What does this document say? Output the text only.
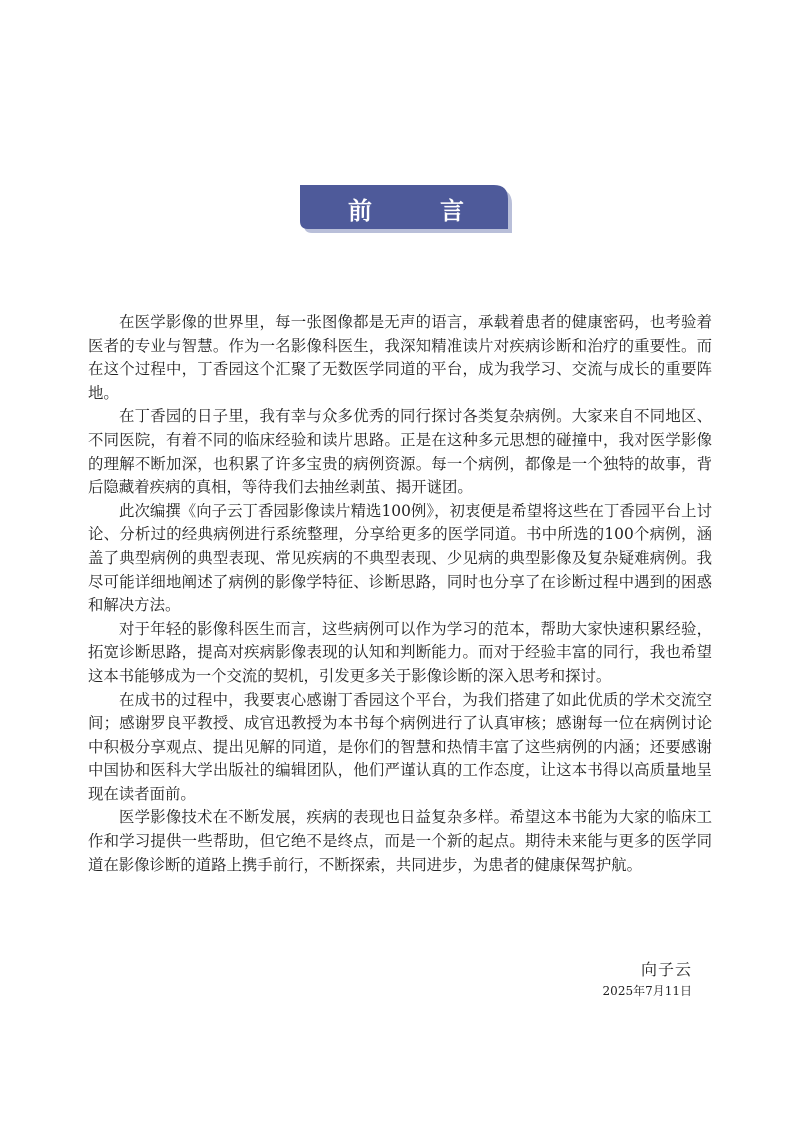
前　言

在医学影像的世界里，每一张图像都是无声的语言，承载着患者的健康密码，也考验着医者的专业与智慧。作为一名影像科医生，我深知精准读片对疾病诊断和治疗的重要性。而在这个过程中，丁香园这个汇聚了无数医学同道的平台，成为我学习、交流与成长的重要阵地。

在丁香园的日子里，我有幸与众多优秀的同行探讨各类复杂病例。大家来自不同地区、不同医院，有着不同的临床经验和读片思路。正是在这种多元思想的碰撞中，我对医学影像的理解不断加深，也积累了许多宝贵的病例资源。每一个病例，都像是一个独特的故事，背后隐藏着疾病的真相，等待我们去抽丝剥茧、揭开谜团。

此次编撰《向子云丁香园影像读片精选100例》，初衷便是希望将这些在丁香园平台上讨论、分析过的经典病例进行系统整理，分享给更多的医学同道。书中所选的100个病例，涵盖了典型病例的典型表现、常见疾病的不典型表现、少见病的典型影像及复杂疑难病例。我尽可能详细地阐述了病例的影像学特征、诊断思路，同时也分享了在诊断过程中遇到的困惑和解决方法。

对于年轻的影像科医生而言，这些病例可以作为学习的范本，帮助大家快速积累经验，拓宽诊断思路，提高对疾病影像表现的认知和判断能力。而对于经验丰富的同行，我也希望这本书能够成为一个交流的契机，引发更多关于影像诊断的深入思考和探讨。

在成书的过程中，我要衷心感谢丁香园这个平台，为我们搭建了如此优质的学术交流空间；感谢罗良平教授、成官迅教授为本书每个病例进行了认真审核；感谢每一位在病例讨论中积极分享观点、提出见解的同道，是你们的智慧和热情丰富了这些病例的内涵；还要感谢中国协和医科大学出版社的编辑团队，他们严谨认真的工作态度，让这本书得以高质量地呈现在读者面前。

医学影像技术在不断发展，疾病的表现也日益复杂多样。希望这本书能为大家的临床工作和学习提供一些帮助，但它绝不是终点，而是一个新的起点。期待未来能与更多的医学同道在影像诊断的道路上携手前行，不断探索，共同进步，为患者的健康保驾护航。

向子云
2025年7月11日
